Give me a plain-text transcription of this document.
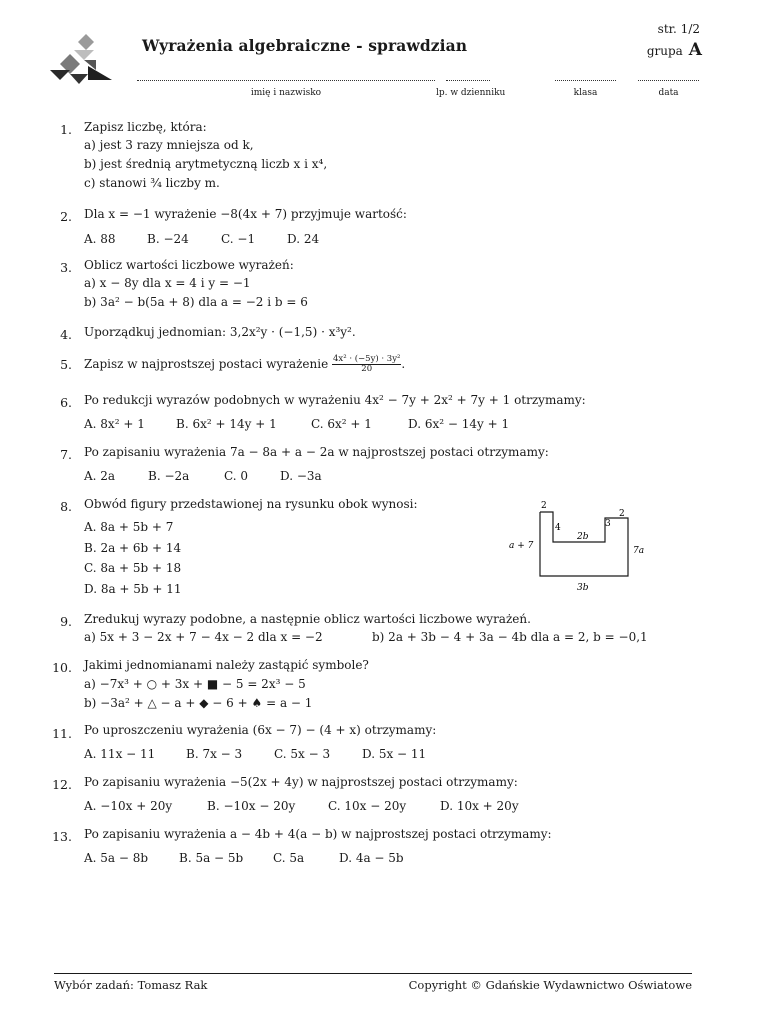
Wyrażenia algebraiczne - sprawdzian
str. 1/2
grupa A
imię i nazwisko	lp. w dzienniku	klasa	data
1. Zapisz liczbę, która:
a) jest 3 razy mniejsza od k,
b) jest średnią arytmetyczną liczb x i x⁴,
c) stanowi ¾ liczby m.
2. Dla x = −1 wyrażenie −8(4x + 7) przyjmuje wartość:
A. 88	B. −24	C. −1	D. 24
3. Oblicz wartości liczbowe wyrażeń:
a) x − 8y dla x = 4 i y = −1
b) 3a² − b(5a + 8) dla a = −2 i b = 6
4. Uporządkuj jednomian: 3,2x²y · (−1,5) · x³y².
5. Zapisz w najprostszej postaci wyrażenie $\frac{\text{4x² · (−5y) · 3y²}}{20}$ .
6. Po redukcji wyrazów podobnych w wyrażeniu 4x² − 7y + 2x² + 7y + 1 otrzymamy:
A. 8x² + 1	B. 6x² + 14y + 1	C. 6x² + 1	D. 6x² − 14y + 1
7. Po zapisaniu wyrażenia 7a − 8a + a − 2a w najprostszej postaci otrzymamy:
A. 2a	B. −2a	C. 0	D. −3a
8. Obwód figury przedstawionej na rysunku obok wynosi:
A. 8a + 5b + 7
B. 2a + 6b + 14
C. 8a + 5b + 18
D. 8a + 5b + 11
9. Zredukuj wyrazy podobne, a następnie oblicz wartości liczbowe wyrażeń.
a) 5x + 3 − 2x + 7 − 4x − 2 dla x = −2	b) 2a + 3b − 4 + 3a − 4b dla a = 2, b = −0,1
10. Jakimi jednomianami należy zastąpić symbole?
a) −7x³ + ○ + 3x + ■ − 5 = 2x³ − 5
b) −3a² + △ − a + ◆ − 6 + ♠ = a − 1
11. Po uproszczeniu wyrażenia (6x − 7) − (4 + x) otrzymamy:
A. 11x − 11	B. 7x − 3	C. 5x − 3	D. 5x − 11
12. Po zapisaniu wyrażenia −5(2x + 4y) w najprostszej postaci otrzymamy:
A. −10x + 20y	B. −10x − 20y	C. 10x − 20y	D. 10x + 20y
13. Po zapisaniu wyrażenia a − 4b + 4(a − b) w najprostszej postaci otrzymamy:
A. 5a − 8b	B. 5a − 5b C. 5a	D. 4a − 5b
2
2
4
2b
3
a + 7	7a
3b
Wybór zadań: Tomasz Rak	Copyright © Gdańskie Wydawnictwo Oświatowe
